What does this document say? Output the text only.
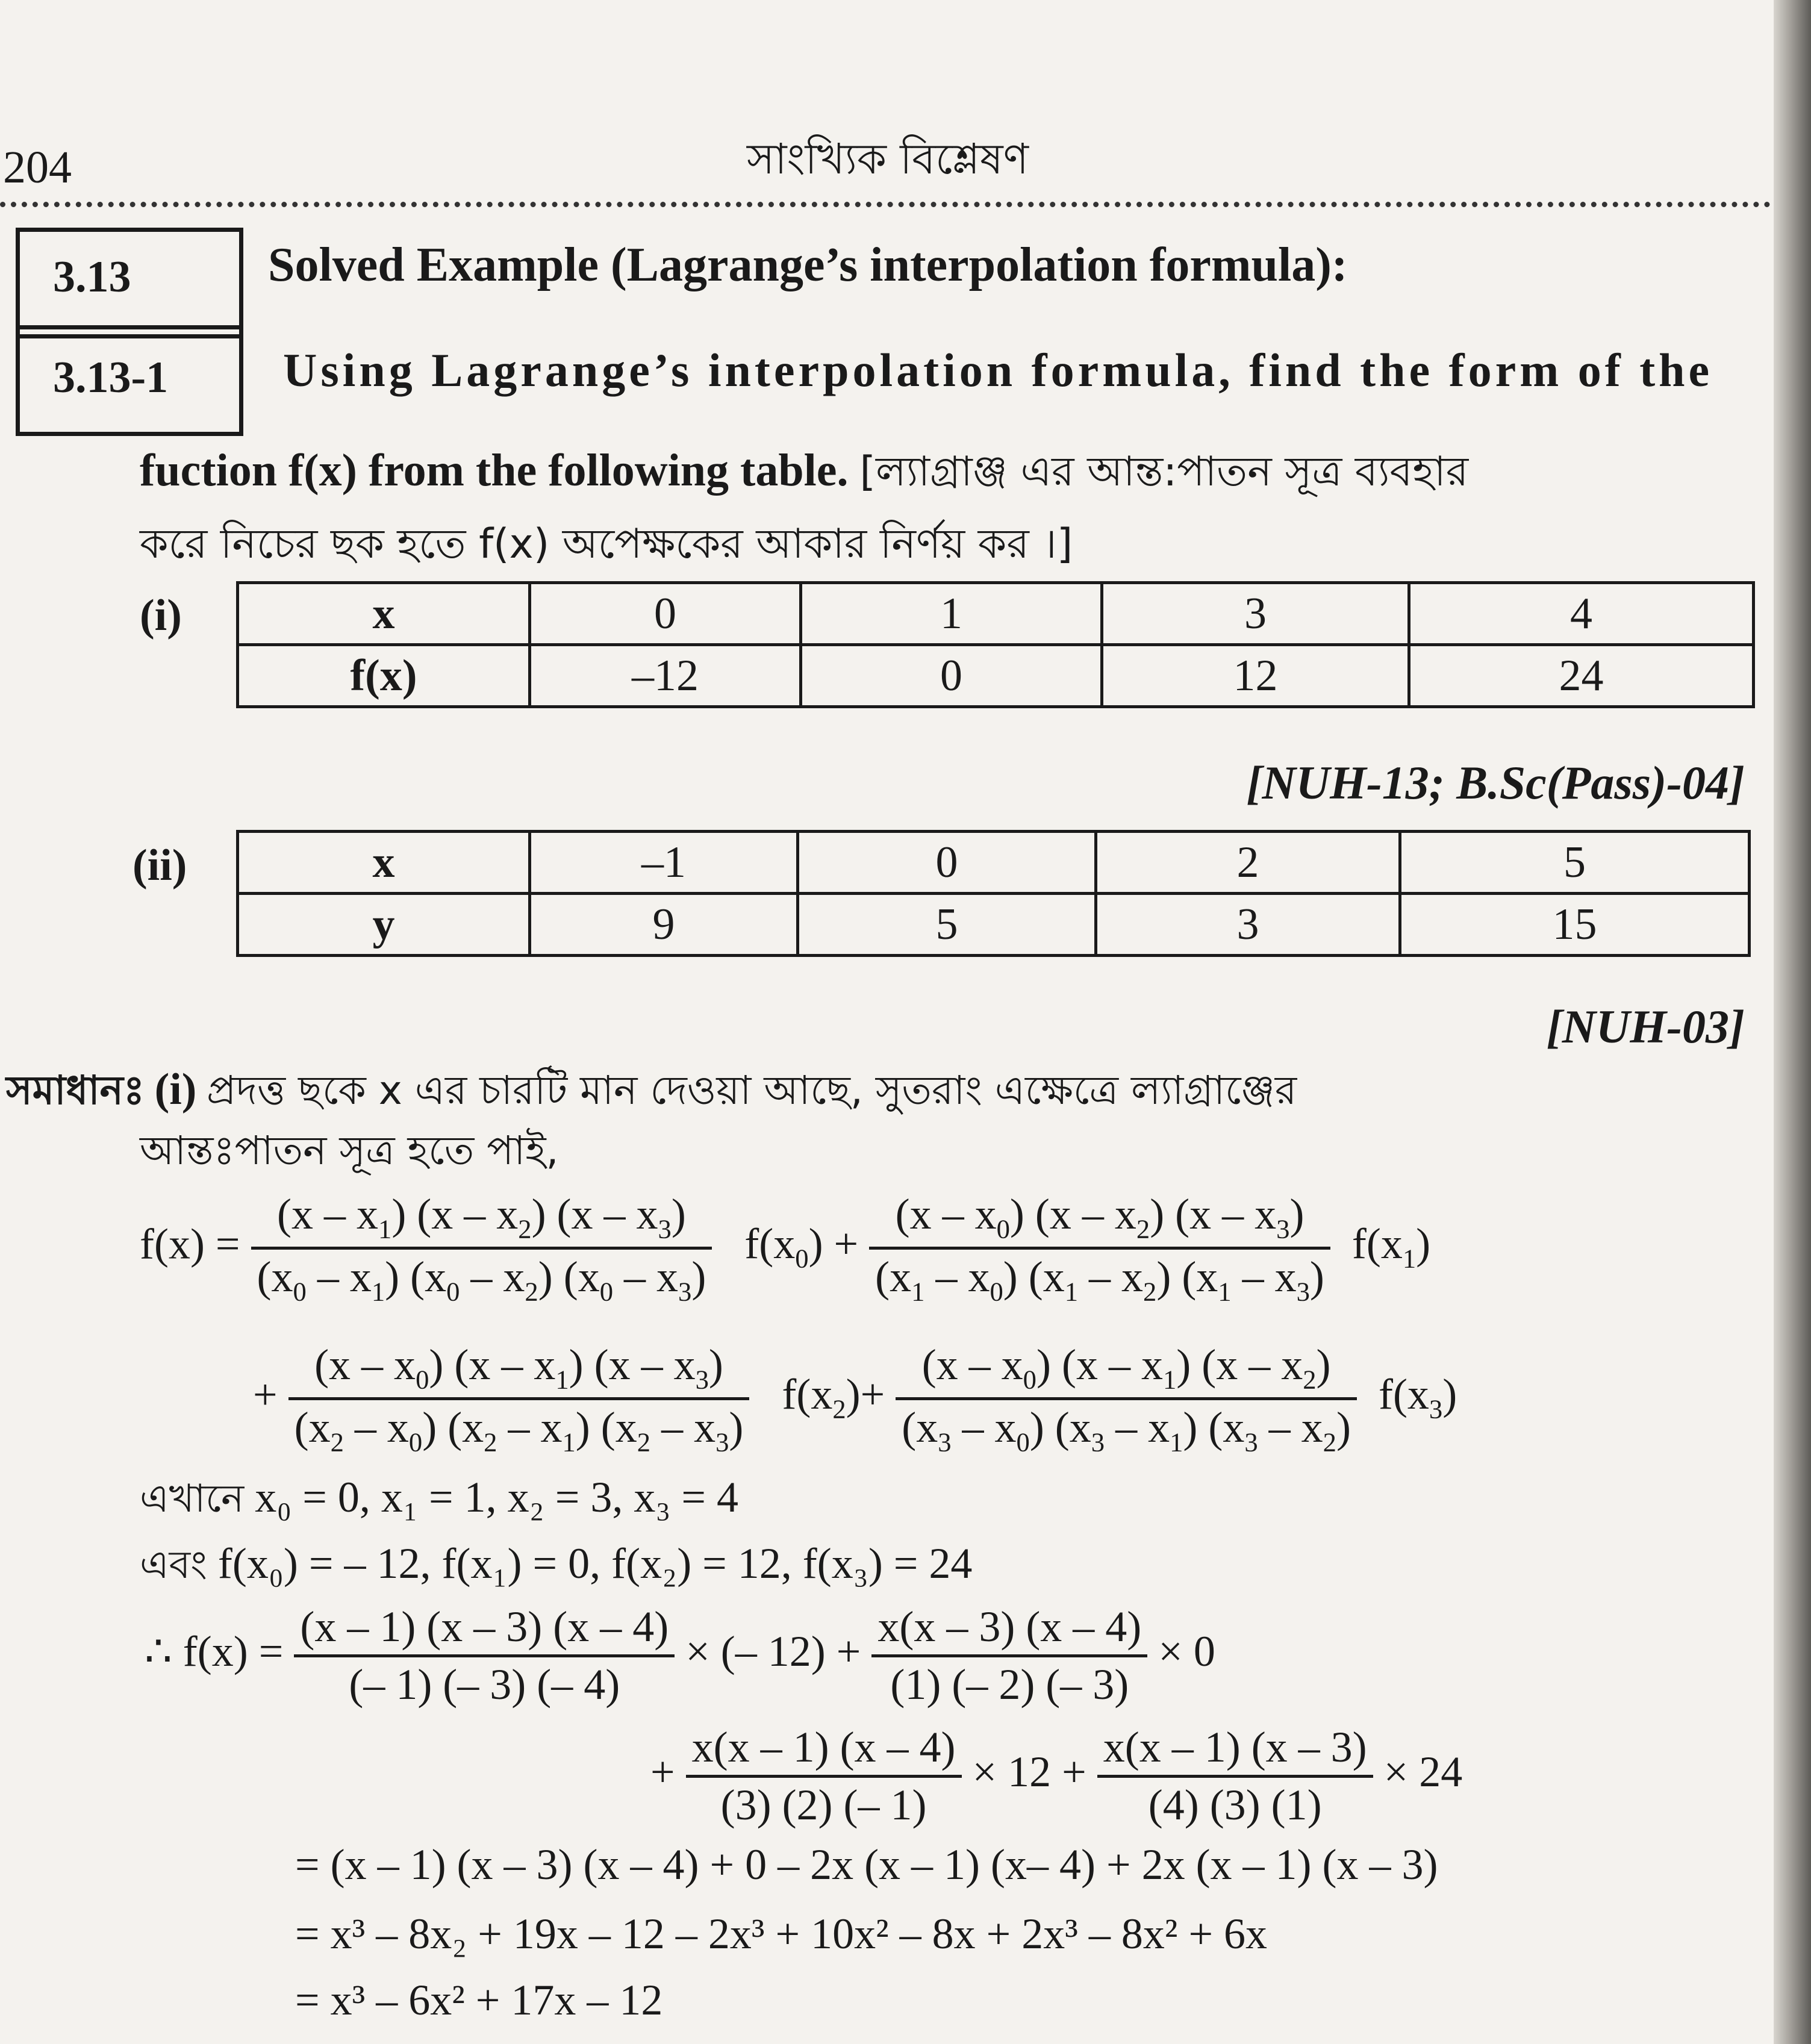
204	সাংখ্যিক বিশ্লেষণ
3.13
3.13-1
Solved Example (Lagrange’s interpolation formula):
Using Lagrange’s interpolation formula, find the form of the
fuction f(x) from the following table. [ল্যাগ্রাঞ্জ এর আন্ত:পাতন সূত্র ব্যবহার
করে নিচের ছক হতে f(x) অপেক্ষকের আকার নির্ণয় কর ।]
(i)	x	0	1	3	4
f(x)	–12	0	12	24
[NUH-13; B.Sc(Pass)-04]
(ii)	x	–1	0	2	5
y	9	5	3	15
[NUH-03]
সমাধানঃ (i) প্রদত্ত ছকে x এর চারটি মান দেওয়া আছে, সুতরাং এক্ষেত্রে ল্যাগ্রাঞ্জের
আন্তঃপাতন সূত্র হতে পাই,
$f(x) = \frac{(x - x_1) (x - x_2) (x - x_3)}{(x_0 - x_1) (x_0 - x_2) (x_0 - x_3)} f(x_0) + \frac{(x - x_0) (x - x_2) (x - x_3)}{(x_1 - x_0) (x_1 - x_2) (x_1 - x_3)} f(x_1)$
+ $\frac{(x - x_0) (x - x_1) (x - x_3)}{(x_2 - x_0) (x_2 - x_1) (x_2 - x_3)} f(x_2)+ \frac{(x - x_0) (x - x_1) (x - x_2)}{(x_3 - x_0) (x_3 - x_1) (x_3 - x_2)} f(x_3)$
এখানে x₀ = 0, x₁ = 1, x₂ = 3, x₃ = 4
এবং f(x₀) = – 12, f(x₁) = 0, f(x₂) = 12, f(x₃) = 24
∴ $f(x) = \frac{(x - 1) (x - 3) (x - 4)}{(- 1) (- 3) (- 4)}$ × (– $12) + \frac{x(x - 3) (x - 4)}{(1) (- 2) (- 3)} \times 0$
+ $\frac{x(x - 1) (x - 4)}{(3) (2) (- 1)} \times 12 + \frac{x(x - 1) (x - 3)}{(4) (3) (1)} \times 24$
= (x – 1) (x – 3) (x – 4) + 0 – 2x (x – 1) (x– 4) + 2x (x – 1) (x – 3)
= x³ – 8x₂ + 19x – 12 – 2x³ + 10x² – 8x + 2x³ – 8x² + 6x
= x³ – 6x² + 17x – 12
